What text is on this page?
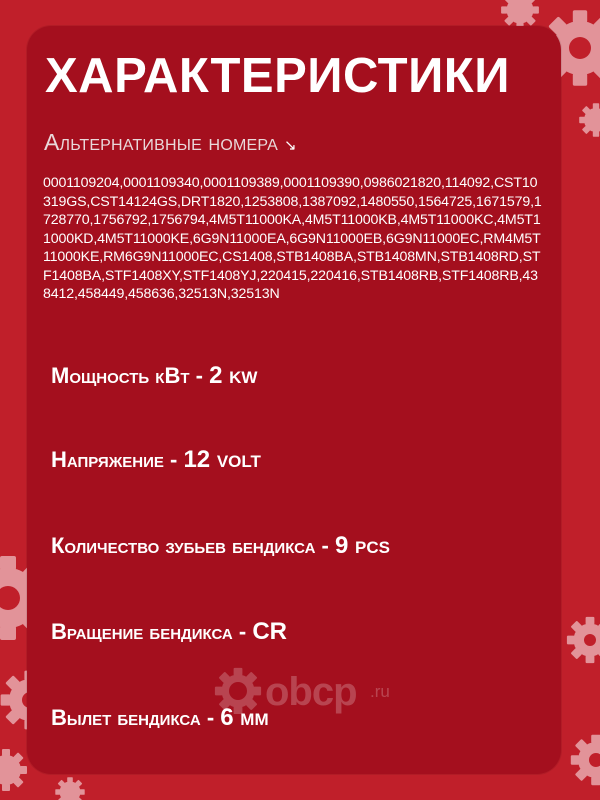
ХАРАКТЕРИСТИКИ
Альтернативные номера ↘

0001109204,0001109340,0001109389,0001109390,0986021820,114092,CST10319GS,CST14124GS,DRT1820,1253808,1387092,1480550,1564725,1671579,1728770,1756792,1756794,4M5T11000KA,4M5T11000KB,4M5T11000KC,4M5T11000KD,4M5T11000KE,6G9N11000EA,6G9N11000EB,6G9N11000EC,RM4M5T11000KE,RM6G9N11000EC,CS1408,STB1408BA,STB1408MN,STB1408RD,STF1408BA,STF1408XY,STF1408YJ,220415,220416,STB1408RB,STF1408RB,438412,458449,458636,32513N,32513N

Мощность кВт - 2 kw
Напряжение - 12 volt
Количество зубьев бендикса - 9 pcs
Вращение бендикса - CR
Вылет бендикса - 6 мм
obcp .ru
